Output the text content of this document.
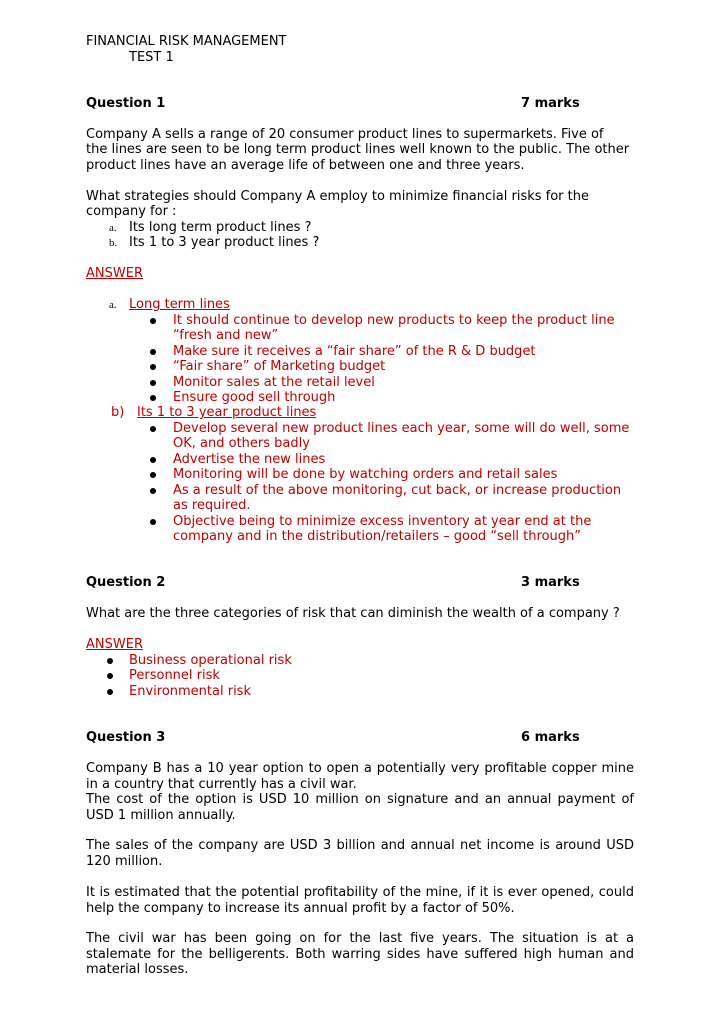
FINANCIAL RISK MANAGEMENT
TEST 1
Question 1	7 marks
Company A sells a range of 20 consumer product lines to supermarkets. Five of
the lines are seen to be long term product lines well known to the public. The other
product lines have an average life of between one and three years.
What strategies should Company A employ to minimize financial risks for the
company for :
a. Its long term product lines ?
b. Its 1 to 3 year product lines ?
ANSWER
a. Long term lines
It should continue to develop new products to keep the product line
“fresh and new”
Make sure it receives a “fair share” of the R & D budget
“Fair share” of Marketing budget
Monitor sales at the retail level
Ensure good sell through
b) Its 1 to 3 year product lines
Develop several new product lines each year, some will do well, some
OK, and others badly
Advertise the new lines
Monitoring will be done by watching orders and retail sales
As a result of the above monitoring, cut back, or increase production
as required.
Objective being to minimize excess inventory at year end at the
company and in the distribution/retailers – good “sell through”
Question 2	3 marks
What are the three categories of risk that can diminish the wealth of a company ?
ANSWER
Business operational risk
Personnel risk
Environmental risk
Question 3	6 marks
Company B has a 10 year option to open a potentially very profitable copper mine
in a country that currently has a civil war.
The cost of the option is USD 10 million on signature and an annual payment of
USD 1 million annually.
The sales of the company are USD 3 billion and annual net income is around USD
120 million.
It is estimated that the potential profitability of the mine, if it is ever opened, could
help the company to increase its annual profit by a factor of 50%.
The civil war has been going on for the last five years. The situation is at a
stalemate for the belligerents. Both warring sides have suffered high human and
material losses.
